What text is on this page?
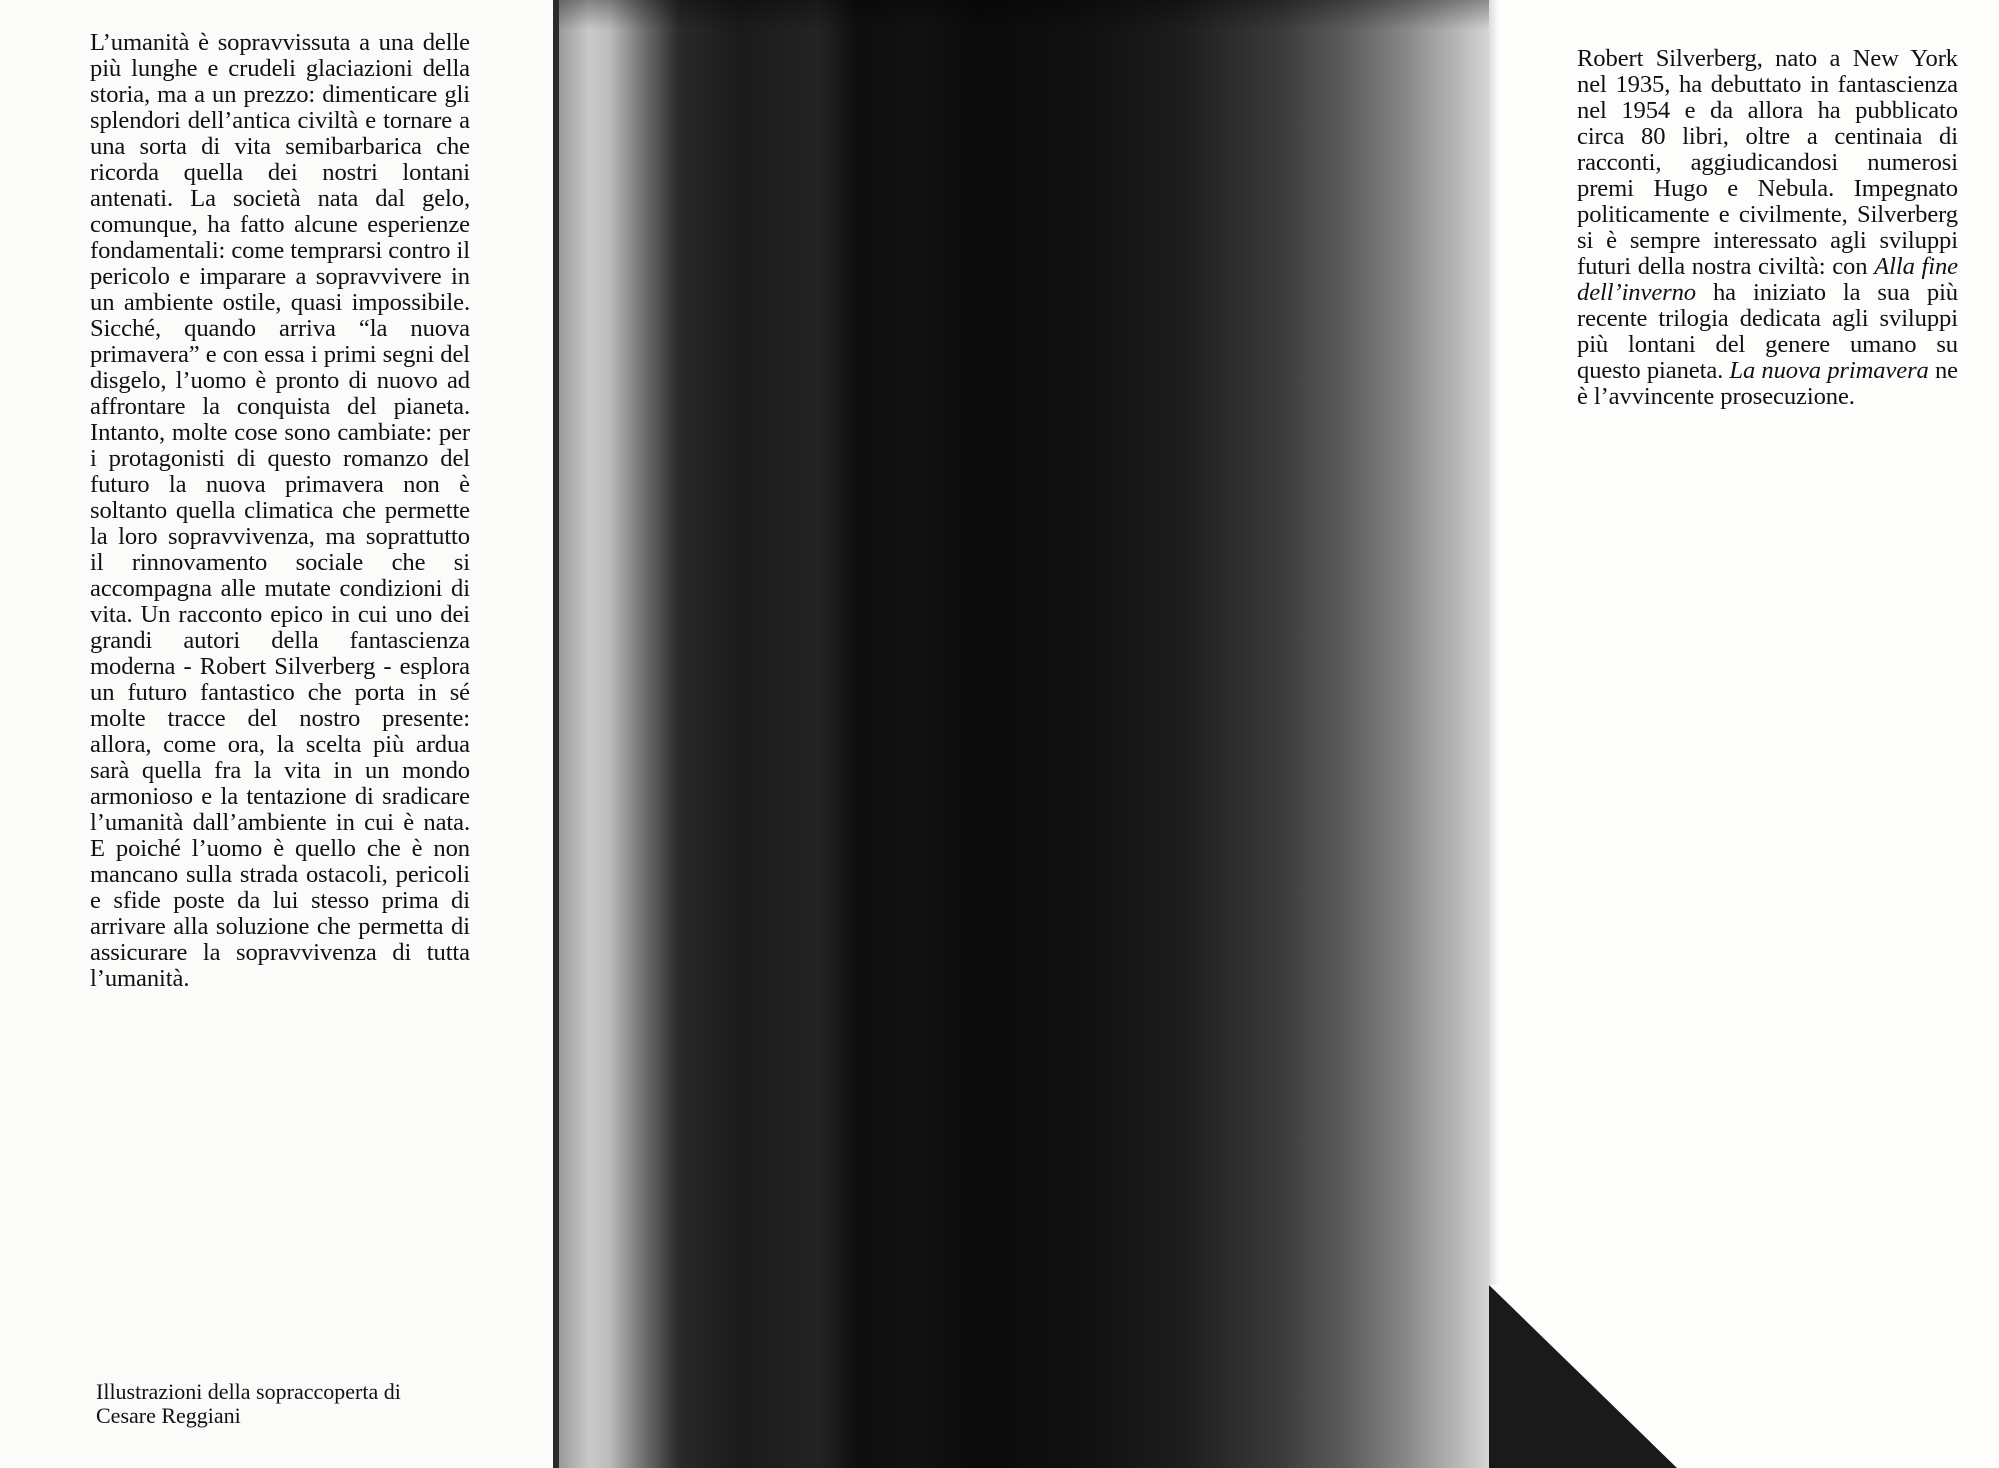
L’umanità è sopravvissuta a una delle più lunghe e crudeli glaciazioni della storia, ma a un prezzo: dimenticare gli splendori dell’antica civiltà e tornare a una sorta di vita semibarbarica che ricorda quella dei nostri lontani antenati. La società nata dal gelo, comunque, ha fatto alcune esperienze fondamentali: come temprarsi contro il pericolo e imparare a sopravvivere in un ambiente ostile, quasi impossibile. Sicché, quando arriva “la nuova primavera” e con essa i primi segni del disgelo, l’uomo è pronto di nuovo ad affrontare la conquista del pianeta. Intanto, molte cose sono cambiate: per i protagonisti di questo romanzo del futuro la nuova primavera non è soltanto quella climatica che permette la loro sopravvivenza, ma soprattutto il rinnovamento sociale che si accompagna alle mutate condizioni di vita. Un racconto epico in cui uno dei grandi autori della fantascienza moderna - Robert Silverberg - esplora un futuro fantastico che porta in sé molte tracce del nostro presente: allora, come ora, la scelta più ardua sarà quella fra la vita in un mondo armonioso e la tentazione di sradicare l’umanità dall’ambiente in cui è nata. E poiché l’uomo è quello che è non mancano sulla strada ostacoli, pericoli e sfide poste da lui stesso prima di arrivare alla soluzione che permetta di assicurare la sopravvivenza di tutta l’umanità.
Illustrazioni della sopraccoperta di
Cesare Reggiani
Robert Silverberg, nato a New York nel 1935, ha debuttato in fantascienza nel 1954 e da allora ha pubblicato circa 80 libri, oltre a centinaia di racconti, aggiudicandosi numerosi premi Hugo e Nebula. Impegnato politicamente e civilmente, Silverberg si è sempre interessato agli sviluppi futuri della nostra civiltà: con Alla fine dell’inverno ha iniziato la sua più recente trilogia dedicata agli sviluppi più lontani del genere umano su questo pianeta. La nuova primavera ne è l’avvincente prosecuzione.
